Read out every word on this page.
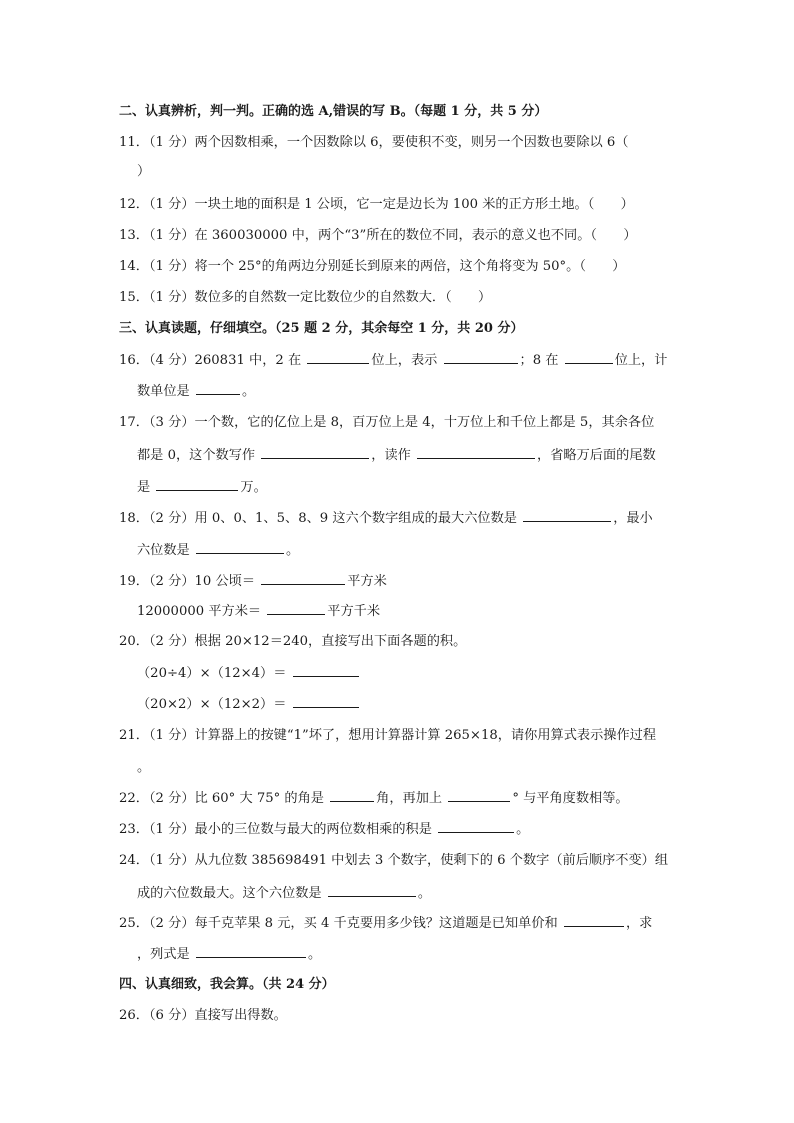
二、认真辨析，判一判。正确的选 A,错误的写 B。（每题 1 分，共 5 分）
11．（1 分）两个因数相乘，一个因数除以 6，要使积不变，则另一个因数也要除以 6（
）
12．（1 分）一块土地的面积是 1 公顷，它一定是边长为 100 米的正方形土地。（　　）
13．（1 分）在 360030000 中，两个“3”所在的数位不同，表示的意义也不同。（　　）
14．（1 分）将一个 25°的角两边分别延长到原来的两倍，这个角将变为 50°。（　　）
15．（1 分）数位多的自然数一定比数位少的自然数大．（　　）
三、认真读题，仔细填空。（25 题 2 分，其余每空 1 分，共 20 分）
16．（4 分）260831 中，2 在	位上，表示	；8 在	位上，计
数单位是	。
17．（3 分）一个数，它的亿位上是 8，百万位上是 4，十万位上和千位上都是 5，其余各位
都是 0，这个数写作	，读作	，省略万后面的尾数
是	万。
18．（2 分）用 0、0、1、5、8、9 这六个数字组成的最大六位数是	，最小
六位数是	。
19．（2 分）10 公顷＝	平方米
12000000 平方米＝	平方千米
20．（2 分）根据 20×12＝240，直接写出下面各题的积。
（20÷4）×（12×4）＝
（20×2）×（12×2）＝
21．（1 分）计算器上的按键“1”坏了，想用计算器计算 265×18，请你用算式表示操作过程
。
22．（2 分）比 60° 大 75° 的角是	角，再加上	° 与平角度数相等。
23．（1 分）最小的三位数与最大的两位数相乘的积是	。
24．（1 分）从九位数 385698491 中划去 3 个数字，使剩下的 6 个数字（前后顺序不变）组
成的六位数最大。这个六位数是	。
25．（2 分）每千克苹果 8 元，买 4 千克要用多少钱？这道题是已知单价和	，求
，列式是	。
四、认真细致，我会算。（共 24 分）
26．（6 分）直接写出得数。
